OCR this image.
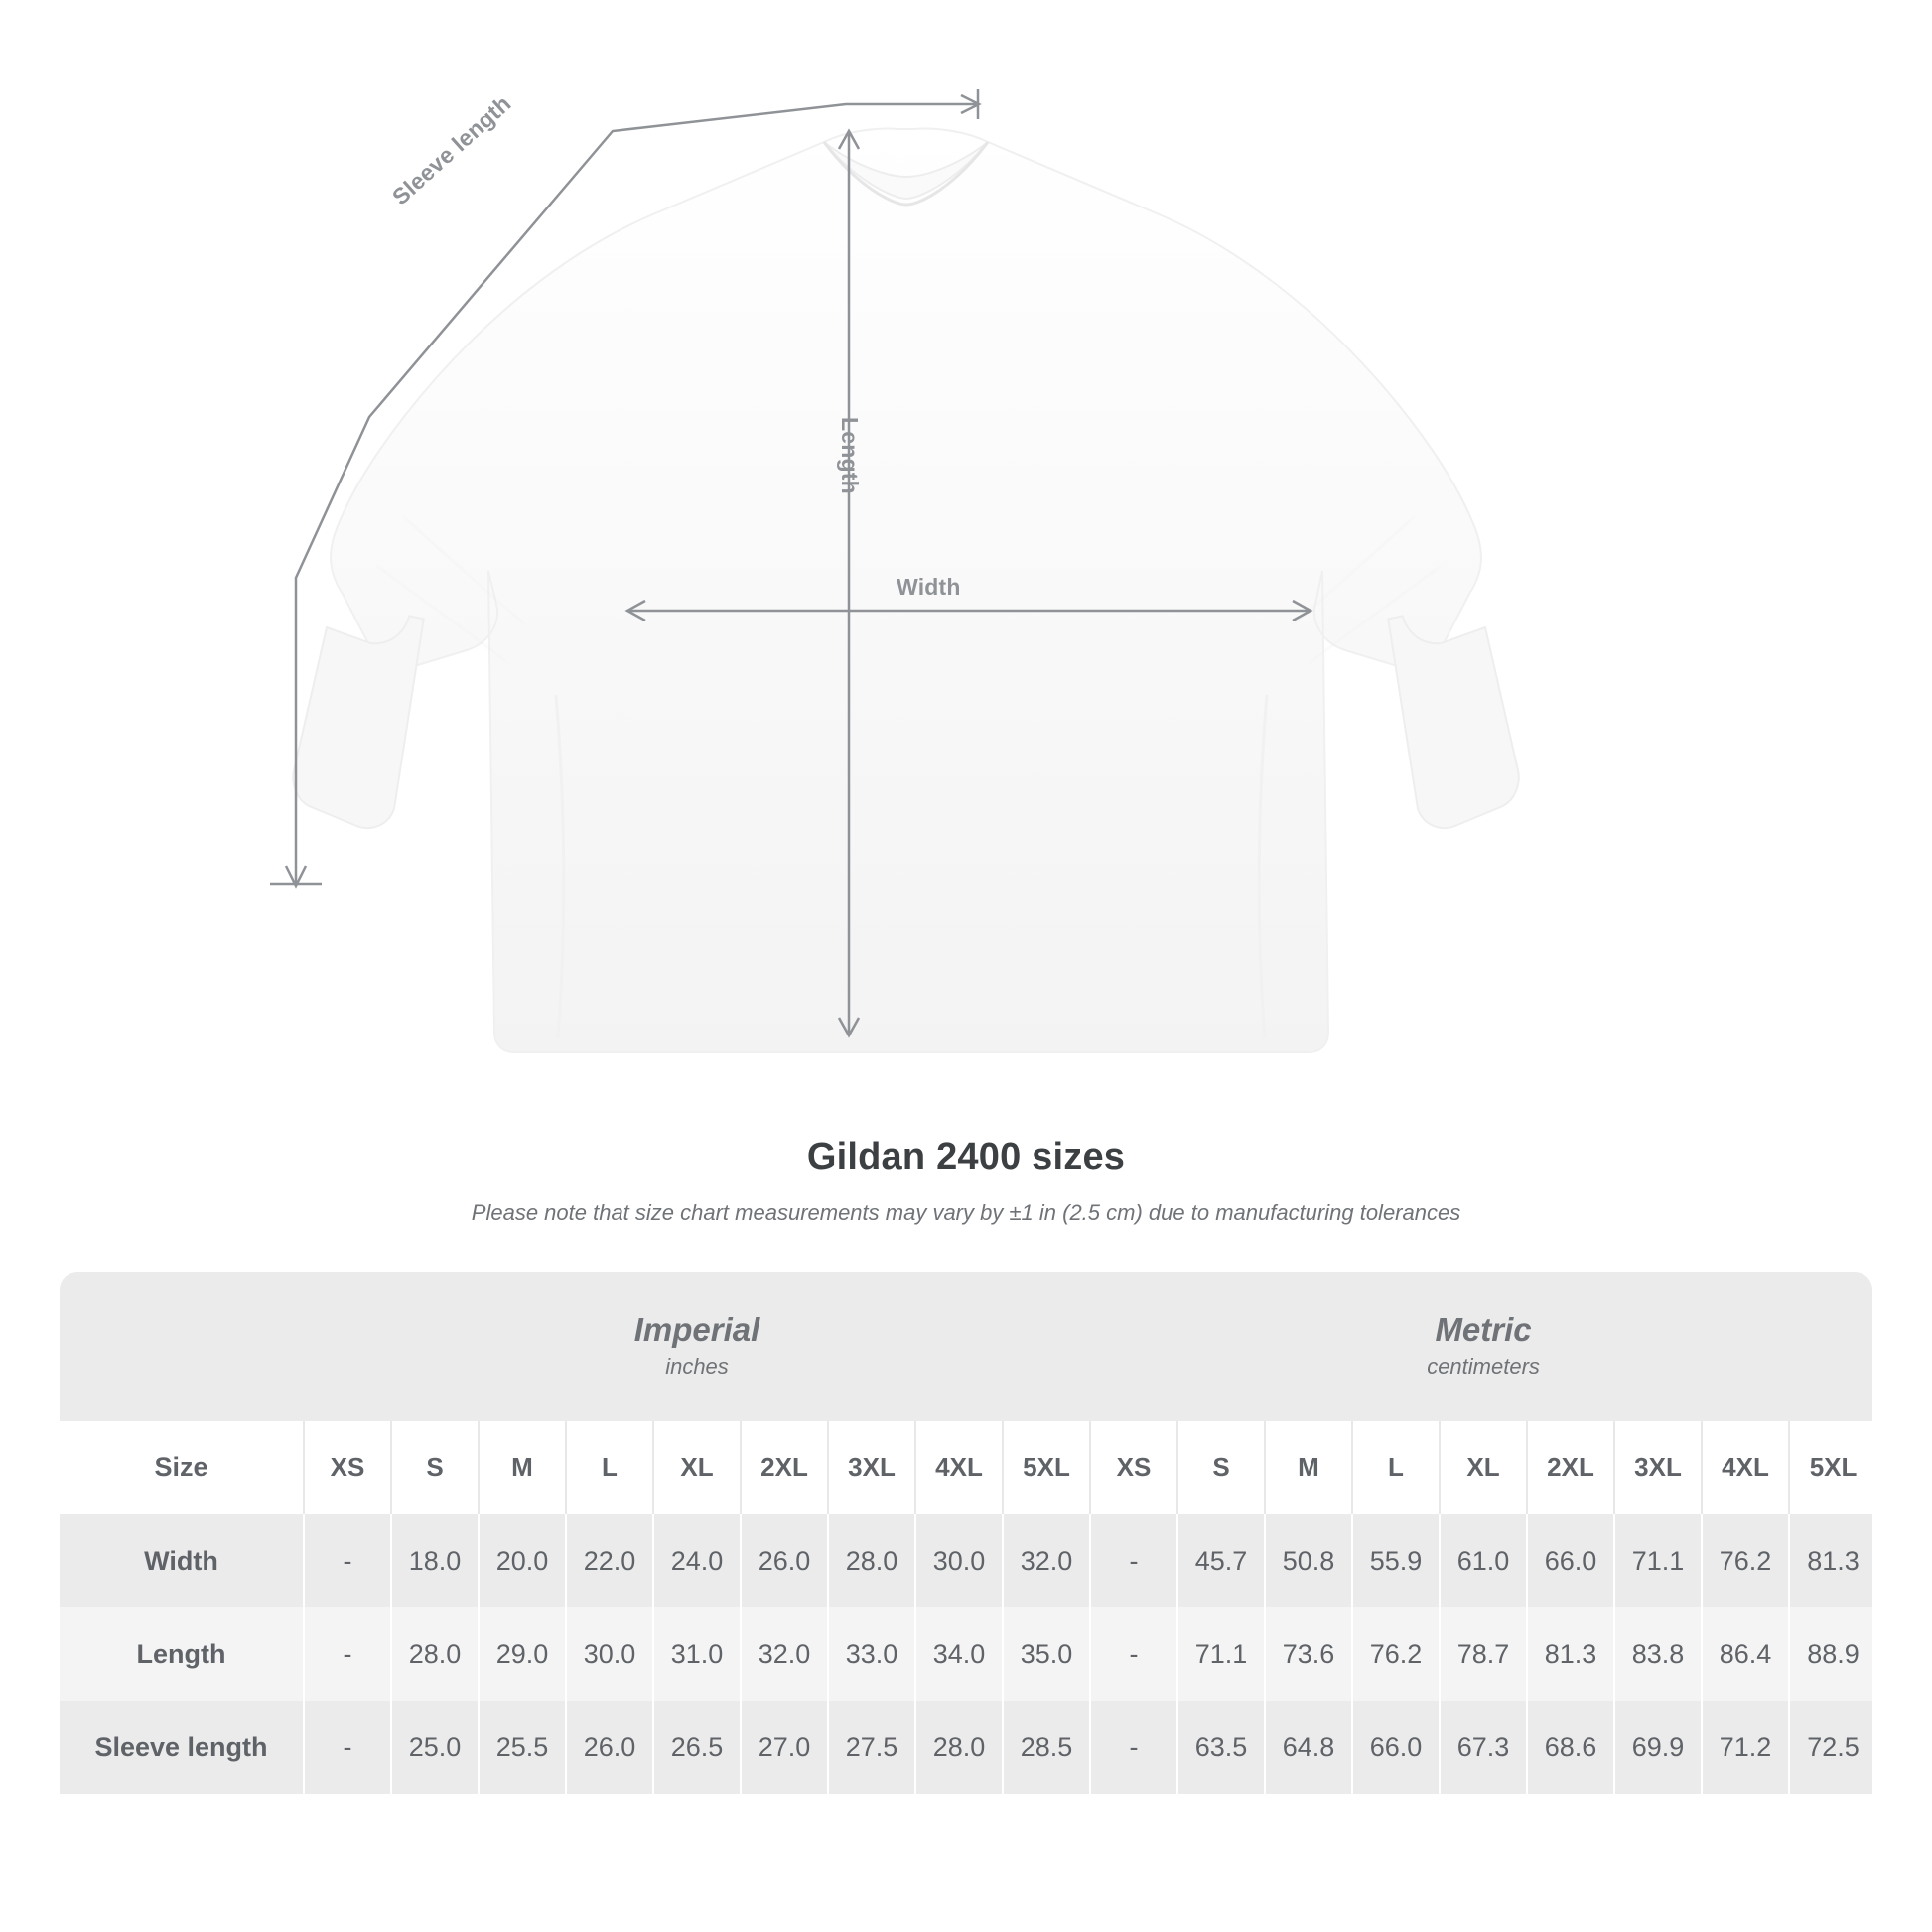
Length
Width
Sleeve length
Gildan 2400 sizes
Please note that size chart measurements may vary by ±1 in (2.5 cm) due to manufacturing tolerances

Imperial
inches

Metric
centimeters

Size	XS	S	M	L	XL	2XL	3XL	4XL	5XL	XS	S	M	L	XL	2XL	3XL	4XL	5XL
Width	-	18.0	20.0	22.0	24.0	26.0	28.0	30.0	32.0	-	45.7	50.8	55.9	61.0	66.0	71.1	76.2	81.3
Length	-	28.0	29.0	30.0	31.0	32.0	33.0	34.0	35.0	-	71.1	73.6	76.2	78.7	81.3	83.8	86.4	88.9
Sleeve length	-	25.0	25.5	26.0	26.5	27.0	27.5	28.0	28.5	-	63.5	64.8	66.0	67.3	68.6	69.9	71.2	72.5
